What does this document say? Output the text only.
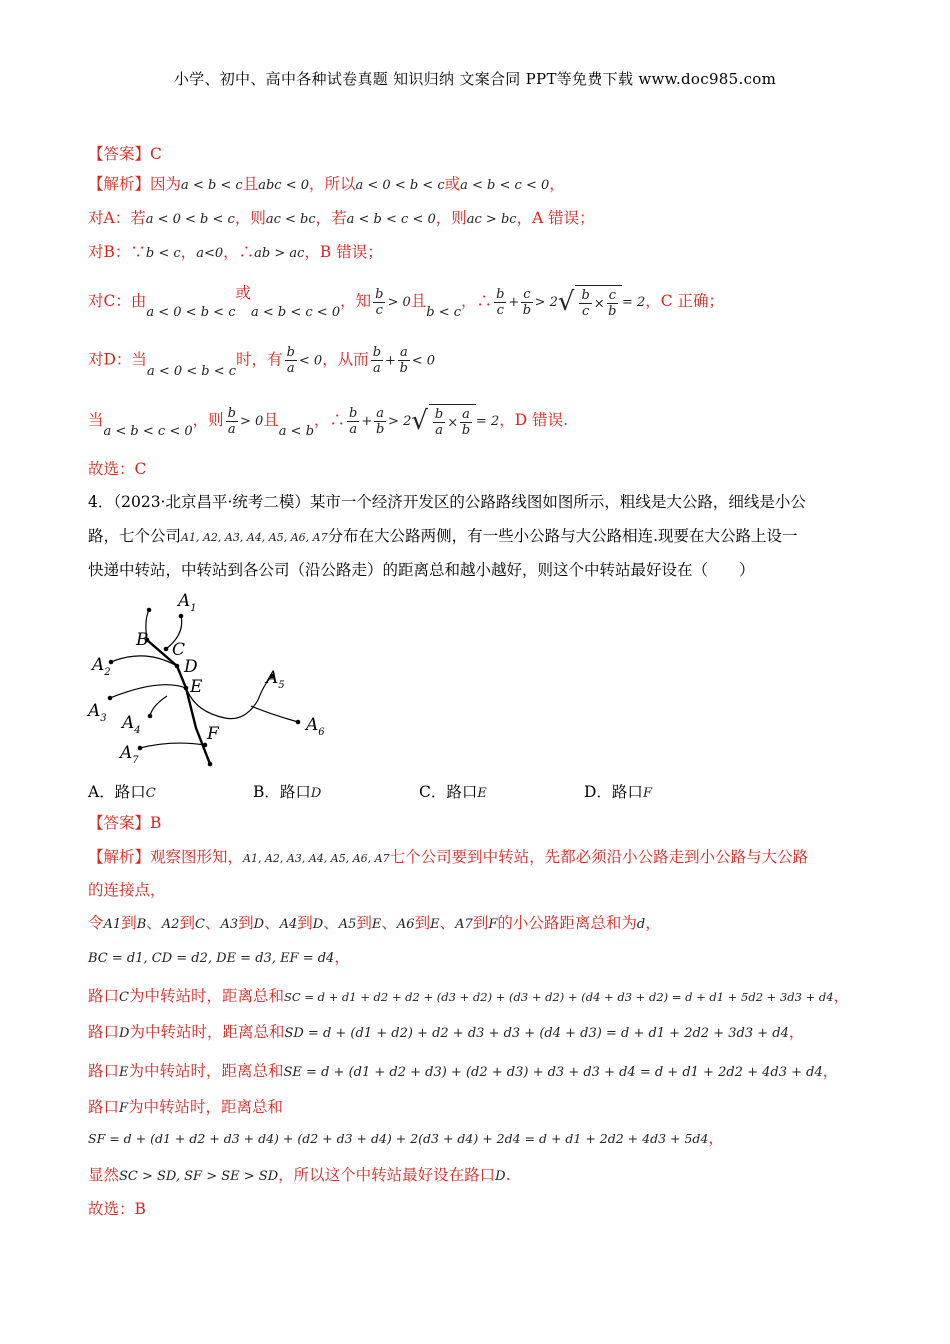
小学、初中、高中各种试卷真题 知识归纳 文案合同 PPT等免费下载 www.doc985.com
【答案】C
【解析】因为a < b < c且abc < 0，所以a < 0 < b < c或a < b < c < 0，
对A：若a < 0 < b < c，则ac < bc，若a < b < c < 0，则ac > bc，A 错误；
对B：∵b < c，a<0，∴ab > ac，B 错误；
对C：由a < 0 < b < c或a < b < c < 0，知 $\frac{b}{c} > 0$且b < c，∴ $\frac{b}{c} + \frac{c}{b} > 2√ \frac{b}{c} \times \frac{c}{b} = 2$，C 正确；
对D：当a < 0 < b < c时，有 $\frac{b}{a} < 0$，从而 $\frac{b}{a} + \frac{a}{b} < 0$
当a < b < c < 0，则 $\frac{b}{a} > 0$且a < b，∴ $\frac{b}{a} + \frac{a}{b} > 2√ \frac{b}{a} \times \frac{a}{b} = 2$，D 错误.
故选：C
4．（2023·北京昌平·统考二模）某市一个经济开发区的公路路线图如图所示，粗线是大公路，细线是小公
路，七个公司A1, A2, A3, A4, A5, A6, A7分布在大公路两侧，有一些小公路与大公路相连.现要在大公路上设一
快递中转站，中转站到各公司（沿公路走）的距离总和越小越好，则这个中转站最好设在（　　）
$A_1$
B C
D
$A_2$
E	$A_5$
$A_3$ $A_4$	$A_6$
F
$A_7$
A．路口C	B．路口D	C．路口E	D．路口F
【答案】B
【解析】观察图形知，A1, A2, A3, A4, A5, A6, A7七个公司要到中转站，先都必须沿小公路走到小公路与大公路
的连接点，
令A1到B、A2到C、A3到D、A4到D、A5到E、A6到E、A7到F的小公路距离总和为d，
BC = d1, CD = d2, DE = d3, EF = d4，
路口C为中转站时，距离总和SC = d + d1 + d2 + d2 + (d3 + d2) + (d3 + d2) + (d4 + d3 + d2) = d + d1 + 5d2 + 3d3 + d4，
路口D为中转站时，距离总和SD = d + (d1 + d2) + d2 + d3 + d3 + (d4 + d3) = d + d1 + 2d2 + 3d3 + d4，
路口E为中转站时，距离总和SE = d + (d1 + d2 + d3) + (d2 + d3) + d3 + d3 + d4 = d + d1 + 2d2 + 4d3 + d4，
路口F为中转站时，距离总和
SF = d + (d1 + d2 + d3 + d4) + (d2 + d3 + d4) + 2(d3 + d4) + 2d4 = d + d1 + 2d2 + 4d3 + 5d4，
显然SC > SD, SF > SE > SD，所以这个中转站最好设在路口D.
故选：B
